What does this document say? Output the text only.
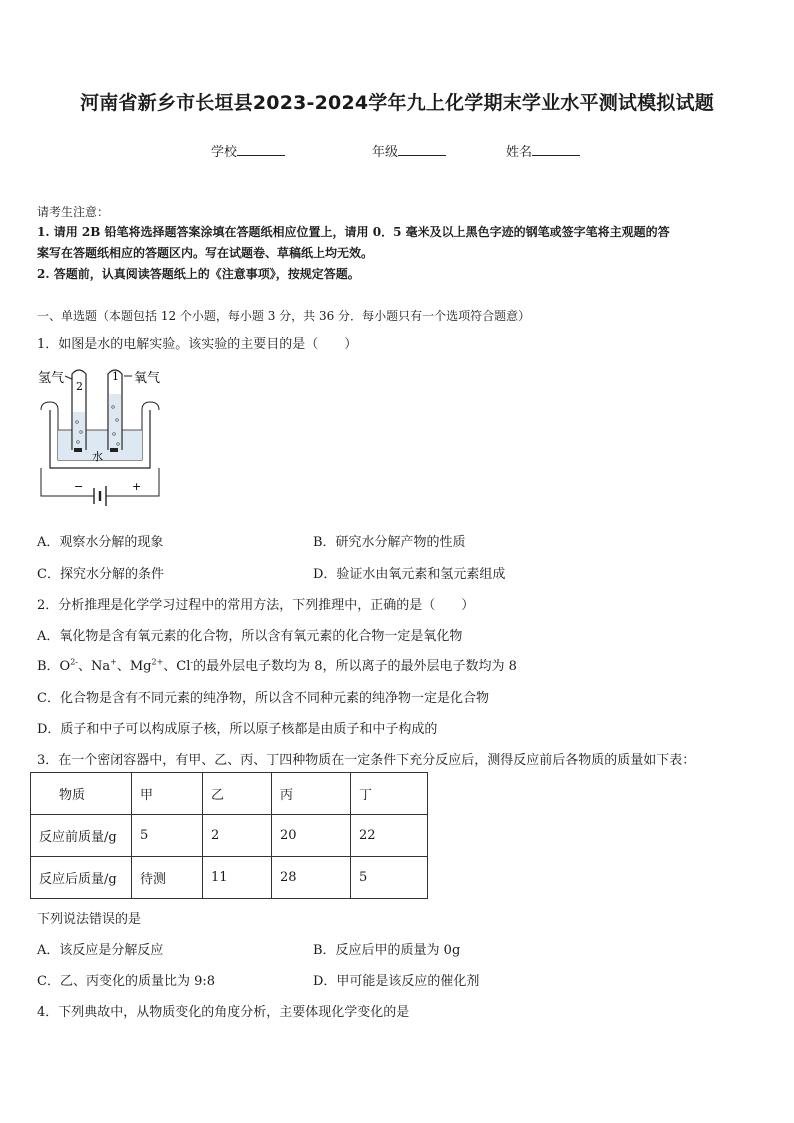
河南省新乡市长垣县2023-2024学年九上化学期末学业水平测试模拟试题
学校	年级	姓名
请考生注意：
1. 请用 2B 铅笔将选择题答案涂填在答题纸相应位置上，请用 0．5 毫米及以上黑色字迹的钢笔或签字笔将主观题的答
案写在答题纸相应的答题区内。写在试题卷、草稿纸上均无效。
2. 答题前，认真阅读答题纸上的《注意事项》，按规定答题。
一、单选题（本题包括 12 个小题，每小题 3 分，共 36 分．每小题只有一个选项符合题意）
1．如图是水的电解实验。该实验的主要目的是（　　）
氢气	氧气
2
1
水
−	+
A．观察水分解的现象	B．研究水分解产物的性质
C．探究水分解的条件	D．验证水由氧元素和氢元素组成
2．分析推理是化学学习过程中的常用方法，下列推理中，正确的是（　　）
A．氧化物是含有氧元素的化合物，所以含有氧元素的化合物一定是氧化物
B．$O^{2-}$、Na+、$Mg^{2+}$、Cl-的最外层电子数均为 8，所以离子的最外层电子数均为 8
C．化合物是含有不同元素的纯净物，所以含不同种元素的纯净物一定是化合物
D．质子和中子可以构成原子核，所以原子核都是由质子和中子构成的
3．在一个密闭容器中，有甲、乙、丙、丁四种物质在一定条件下充分反应后，测得反应前后各物质的质量如下表：
物质	甲	乙	丙	丁
反应前质量/g	5	2	20	22
反应后质量/g	待测	11	28	5
下列说法错误的是
A．该反应是分解反应	B．反应后甲的质量为 0g
C．乙、丙变化的质量比为 9:8	D．甲可能是该反应的催化剂
4．下列典故中，从物质变化的角度分析，主要体现化学变化的是
